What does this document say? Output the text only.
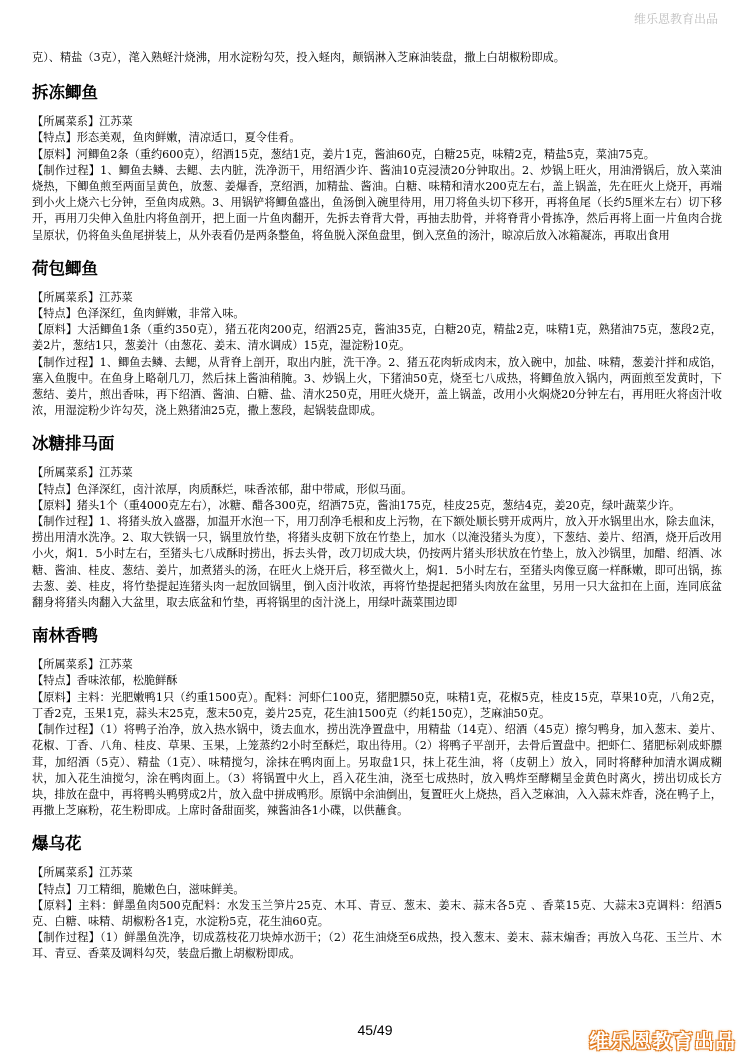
维乐恩教育出品

克）、精盐（3克），滗入熟蛏汁烧沸，用水淀粉勾芡，投入蛏肉，颠锅淋入芝麻油装盘，撒上白胡椒粉即成。

拆冻鲫鱼

【所属菜系】江苏菜

【特点】形态美观，鱼肉鲜嫩，清凉适口，夏令佳肴。

【原料】河鲫鱼2条（重约600克），绍酒15克，葱结1克，姜片1克，酱油60克，白糖25克，味精2克，精盐5克，菜油75克。

【制作过程】1、鲫鱼去鳞、去鳃、去内脏，洗净沥干，用绍酒少许、酱油10克浸渍20分钟取出。2、炒锅上旺火，用油滑锅后，放入菜油烧热，下鲫鱼煎至两面呈黄色，放葱、姜爆香，烹绍酒，加精盐、酱油。白糖、味精和清水200克左右，盖上锅盖，先在旺火上烧开，再端到小火上烧六七分钟，至鱼肉成熟。3、用锅铲将鲫鱼盛出，鱼汤倒入碗里待用，用刀将鱼头切下移开，再将鱼尾（长约5厘米左右）切下移开，再用刀尖伸入鱼肚内将鱼剖开，把上面一片鱼肉翻开，先拆去脊背大骨，再抽去肋骨，并将脊背小骨拣净，然后再将上面一片鱼肉合拢呈原状，仍将鱼头鱼尾拼装上，从外表看仍是两条整鱼，将鱼脱入深鱼盘里，倒入烹鱼的汤汁，晾凉后放入冰箱凝冻，再取出食用

荷包鲫鱼

【所属菜系】江苏菜

【特点】色泽深红，鱼肉鲜嫩，非常入味。

【原料】大活鲫鱼1条（重约350克），猪五花肉200克，绍酒25克，酱油35克，白糖20克，精盐2克，味精1克，熟猪油75克，葱段2克，姜2片，葱结1只，葱姜汁（由葱花、姜末、清水调成）15克，湿淀粉10克。

【制作过程】1、鲫鱼去鳞、去鳃，从背脊上剖开，取出内脏，洗干净。2、猪五花肉斩成肉末，放入碗中，加盐、味精，葱姜汁拌和成馅，塞入鱼腹中。在鱼身上略剞几刀，然后抹上酱油稍腌。3、炒锅上火，下猪油50克，烧至七八成热，将鲫鱼放入锅内，两面煎至发黄时，下葱结、姜片，煎出香味，再下绍酒、酱油、白糖、盐、清水250克，用旺火烧开，盖上锅盖，改用小火焖烧20分钟左右，再用旺火将卤汁收浓，用湿淀粉少许勾芡，浇上熟猪油25克，撒上葱段，起锅装盘即成。

冰糖排马面

【所属菜系】江苏菜

【特点】色泽深红，卤汁浓厚，肉质酥烂，味香浓郁，甜中带咸，形似马面。

【原料】猪头1个（重4000克左右），冰糖、醋各300克，绍酒75克，酱油175克，桂皮25克，葱结4克，姜20克，绿叶蔬菜少许。

【制作过程】1、将猪头放入盛器，加温开水泡一下，用刀刮净毛根和皮上污物，在下额处顺长劈开成两片，放入开水锅里出水，除去血沫，捞出用清水洗净。2、取大铁锅一只，锅里放竹垫，将猪头皮朝下放在竹垫上，加水（以淹没猪头为度），下葱结、姜片、绍酒，烧开后改用小火，焖1．5小时左右，至猪头七八成酥时捞出，拆去头骨，改刀切成大块，仍按两片猪头形状放在竹垫上，放入沙锅里，加醋、绍酒、冰糖、酱油、桂皮、葱结、姜片，加煮猪头的汤，在旺火上烧开后，移至微火上，焖1．5小时左右，至猪头肉像豆腐一样酥嫩，即可出锅，拣去葱、姜、桂皮，将竹垫提起连猪头肉一起放回锅里，倒入卤汁收浓，再将竹垫提起把猪头肉放在盆里，另用一只大盆扣在上面，连同底盆翻身将猪头肉翻入大盆里，取去底盆和竹垫，再将锅里的卤汁浇上，用绿叶蔬菜围边即

南林香鸭

【所属菜系】江苏菜

【特点】香味浓郁，松脆鲜酥

【原料】主料：光肥嫩鸭1只（约重1500克）。配料：河虾仁100克，猪肥膘50克，味精1克，花椒5克，桂皮15克，草果10克，八角2克，丁香2克，玉果1克，蒜头末25克，葱末50克，姜片25克，花生油1500克（约耗150克），芝麻油50克。

【制作过程】（1）将鸭子治净，放入热水锅中，烫去血水，捞出洗净置盘中，用精盐（14克）、绍酒（45克）擦匀鸭身，加入葱末、姜片、花椒、丁香、八角、桂皮、草果、玉果，上笼蒸约2小时至酥烂，取出待用。（2）将鸭子平剖开，去骨后置盘中。把虾仁、猪肥标剁成虾膘茸，加绍酒（5克）、精盐（1克）、味精搅匀，涂抹在鸭肉面上。另取盘1只，抹上花生油，将（皮朝上）放入，同时将酵种加清水调成糊状，加入花生油搅匀，涂在鸭肉面上。（3）将锅置中火上，舀入花生油，浇至七成热时，放入鸭炸至酵糊呈金黄色时离火，捞出切成长方块，排放在盘中，再将鸭头鸭劈成2片，放入盘中拼成鸭形。原锅中余油倒出，复置旺火上烧热，舀入芝麻油，入入蒜末炸香，浇在鸭子上，再撒上芝麻粉，花生粉即成。上席时备甜面奖，辣酱油各1小碟，以供蘸食。

爆乌花

【所属菜系】江苏菜

【特点】刀工精细，脆嫩色白，滋味鲜美。

【原料】主料：鲜墨鱼肉500克配料：水发玉兰笋片25克、木耳、青豆、葱末、姜末、蒜末各5克 、香菜15克、大蒜末3克调料：绍酒5克、白糖、味精、胡椒粉各1克，水淀粉5克，花生油60克。

【制作过程】（1）鲜墨鱼洗净，切成荔枝花刀块焯水沥干；（2）花生油烧至6成热，投入葱末、姜末、蒜末煸香；再放入乌花、玉兰片、木耳、青豆、香菜及调料勾芡，装盘后撒上胡椒粉即成。

45/49	维乐恩教育出品
